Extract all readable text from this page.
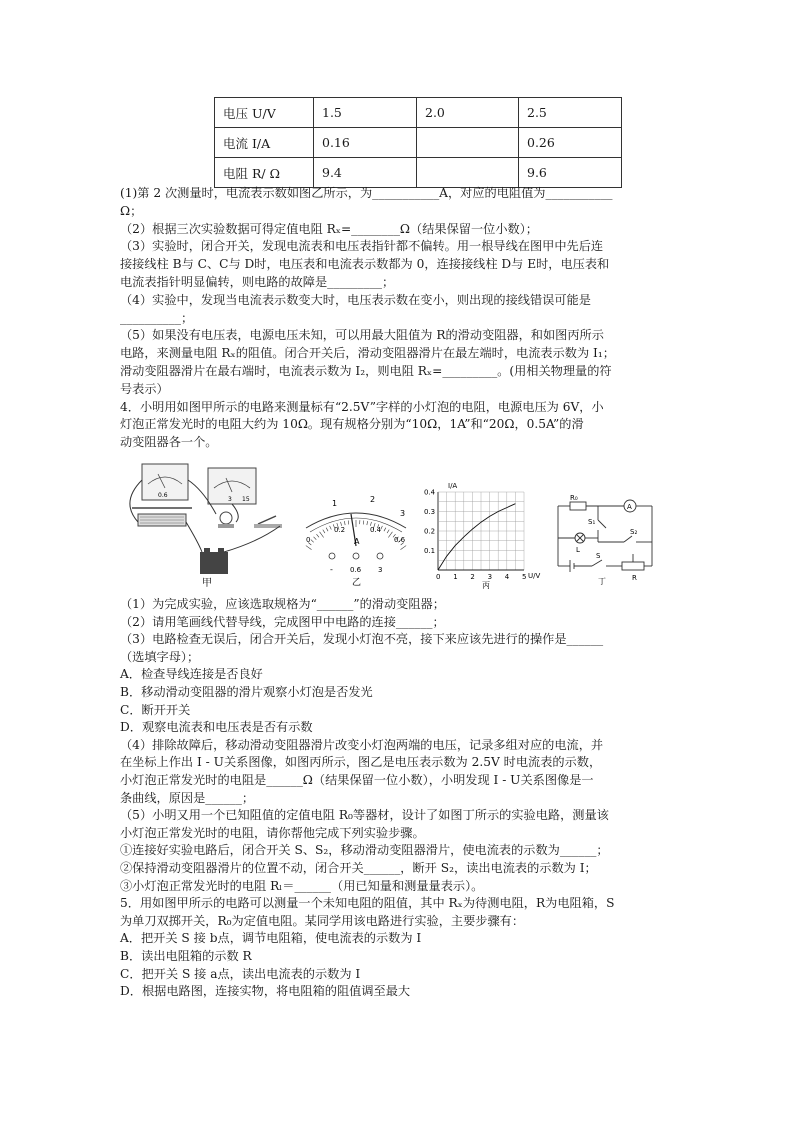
电压 U/V	1.5	2.0	2.5
电流 I/A	0.16		0.26
电阻 R/ Ω	9.4		9.6
(1)第 2 次测量时，电流表示数如图乙所示，为___________A，对应的电阻值为___________
Ω；
（2）根据三次实验数据可得定值电阻 Rₓ=________Ω（结果保留一位小数）；
（3）实验时，闭合开关，发现电流表和电压表指针都不偏转。用一根导线在图甲中先后连
接接线柱 B与 C、C与 D时，电压表和电流表示数都为 0，连接接线柱 D与 E时，电压表和
电流表指针明显偏转，则电路的故障是_________；
（4）实验中，发现当电流表示数变大时，电压表示数在变小，则出现的接线错误可能是
__________；
（5）如果没有电压表，电源电压未知，可以用最大阻值为 R的滑动变阻器，和如图丙所示
电路，来测量电阻 Rₓ的阻值。闭合开关后，滑动变阻器滑片在最左端时，电流表示数为 I₁；
滑动变阻器滑片在最右端时，电流表示数为 I₂，则电阻 Rₓ=_________。(用相关物理量的符
号表示）
4．小明用如图甲所示的电路来测量标有“2.5V”字样的小灯泡的电阻，电源电压为 6V，小
灯泡正常发光时的电阻大约为 10Ω。现有规格分别为“10Ω，1A”和“20Ω，0.5A”的滑
动变阻器各一个。
0.6
3 15
甲
1	2
3
0
0.2	0.4
0.6
A
- 0.6 3
乙
I/A
0 1 2 3 4 5
0.1
0.2
0.3
0.4
U/V
丙
R₀
A
S₁
L
S₂
S
R
丁
（1）为完成实验，应该选取规格为“______”的滑动变阻器；
（2）请用笔画线代替导线，完成图甲中电路的连接______；
（3）电路检查无误后，闭合开关后，发现小灯泡不亮，接下来应该先进行的操作是______
（选填字母）；
A．检查导线连接是否良好
B．移动滑动变阻器的滑片观察小灯泡是否发光
C．断开开关
D．观察电流表和电压表是否有示数
（4）排除故障后，移动滑动变阻器滑片改变小灯泡两端的电压，记录多组对应的电流，并
在坐标上作出 I - U关系图像，如图丙所示，图乙是电压表示数为 2.5V 时电流表的示数，
小灯泡正常发光时的电阻是______Ω（结果保留一位小数），小明发现 I - U关系图像是一
条曲线，原因是______；
（5）小明又用一个已知阻值的定值电阻 R₀等器材，设计了如图丁所示的实验电路，测量该
小灯泡正常发光时的电阻，请你帮他完成下列实验步骤。
①连接好实验电路后，闭合开关 S、S₂，移动滑动变阻器滑片，使电流表的示数为______；
②保持滑动变阻器滑片的位置不动，闭合开关______，断开 S₂，读出电流表的示数为 I；
③小灯泡正常发光时的电阻 Rₗ＝______（用已知量和测量量表示）。
5．用如图甲所示的电路可以测量一个未知电阻的阻值，其中 Rₓ为待测电阻，R为电阻箱，S
为单刀双掷开关，R₀为定值电阻。某同学用该电路进行实验，主要步骤有：
A．把开关 S 接 b点，调节电阻箱，使电流表的示数为 I
B．读出电阻箱的示数 R
C．把开关 S 接 a点，读出电流表的示数为 I
D．根据电路图，连接实物，将电阻箱的阻值调至最大
